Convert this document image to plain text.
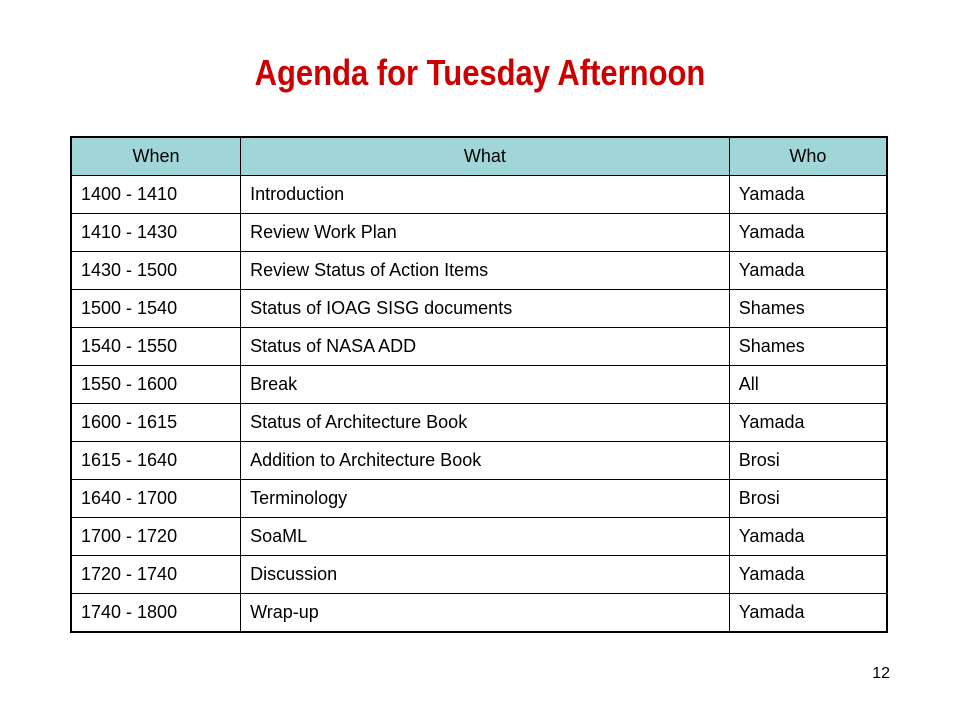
Agenda for Tuesday Afternoon
When	What	Who
1400 - 1410	Introduction	Yamada
1410 - 1430	Review Work Plan	Yamada
1430 - 1500	Review Status of Action Items	Yamada
1500 - 1540	Status of IOAG SISG documents	Shames
1540 - 1550	Status of NASA ADD	Shames
1550 - 1600	Break	All
1600 - 1615	Status of Architecture Book	Yamada
1615 - 1640	Addition to Architecture Book	Brosi
1640 - 1700	Terminology	Brosi
1700 - 1720	SoaML	Yamada
1720 - 1740	Discussion	Yamada
1740 - 1800	Wrap-up	Yamada
12
